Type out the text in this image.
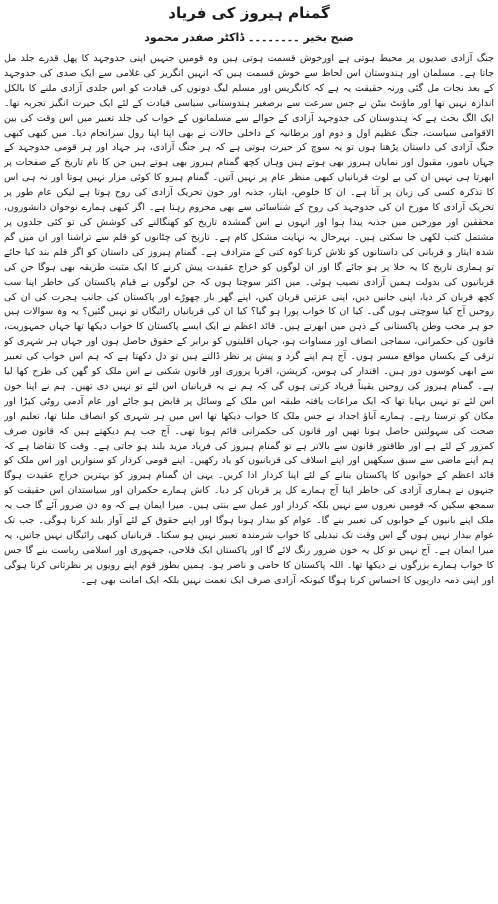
گمنام ہیروز کی فریاد
صبح بخیر ۔۔۔۔۔۔۔۔ ڈاکٹر صفدر محمود
جنگ آزادی صدیوں پر محیط ہوتی ہے اورخوش قسمت ہوتی ہیں وہ قومیں جنہیں اپنی جدوجہد کا پھل قدرے جلد مل جاتا ہے۔ مسلمان اور ہندوستان اس لحاظ سے خوش قسمت ہیں کہ انہیں انگریز کی غلامی سے ایک صدی کی جدوجہد کے بعد نجات مل گئی ورنہ حقیقت یہ ہے کہ کانگریس اور مسلم لیگ دونوں کی قیادت کو اس جلدی آزادی ملنے کا بالکل اندازہ نہیں تھا اور ماؤنٹ بیٹن نے جس سرعت سے برصغیر ہندوستانی سیاسی قیادت کے لئے ایک حیرت انگیز تجربہ تھا۔ ایک الگ بحث ہے کہ ہندوستان کی جدوجہد آزادی کے حوالے سے مسلمانوں کے خواب کی جلد تعبیر میں اس وقت کی بین الاقوامی سیاست، جنگ عظیم اول و دوم اور برطانیہ کے داخلی حالات نے بھی اپنا اپنا رول سرانجام دیا۔ میں کبھی کبھی جنگ آزادی کی داستان پڑھتا ہوں تو یہ سوچ کر حیرت ہوتی ہے کہ ہر جنگ آزادی، ہر جہاد اور ہر قومی جدوجہد کے جہاں نامور، مقبول اور نمایاں ہیروز بھی ہوتے ہیں وہاں کچھ گمنام ہیروز بھی ہوتے ہیں جن کا نام تاریخ کے صفحات پر ابھرتا ہی نہیں ان کی بے لوث قربانیاں کبھی منظر عام پر نہیں آتیں۔ گمنام ہیرو کا کوئی مزار نہیں ہوتا اور نہ ہی اس کا تذکرہ کسی کی زبان پر آتا ہے۔ ان کا خلوص، ایثار، جذبہ اور خون تحریک آزادی کی روح ہوتا ہے لیکن عام طور پر تحریک آزادی کا مورخ ان کی جدوجہد کی روح کے شناسائی سے بھی محروم رہتا ہے۔ اگر کبھی ہمارے نوجوان دانشوروں، محققین اور مورخین میں جذبہ پیدا ہوا اور انہوں نے اس گمشدہ تاریخ کو کھنگالنے کی کوشش کی تو کئی جلدوں پر مشتمل کتب لکھی جا سکتی ہیں۔ بہرحال یہ نہایت مشکل کام ہے۔ تاریخ کی چٹانوں کو قلم سے تراشنا اور ان میں گم شدہ ایثار و قربانی کی داستانوں کو تلاش کرنا کوہ کنی کے مترادف ہے۔ گمنام ہیروز کی داستان کو اگر قلم بند کیا جائے تو ہماری تاریخ کا یہ خلا پر ہو جائے گا اور ان لوگوں کو خراج عقیدت پیش کرنے کا ایک مثبت طریقہ بھی ہوگا جن کی قربانیوں کی بدولت ہمیں آزادی نصیب ہوئی۔ میں اکثر سوچتا ہوں کہ جن لوگوں نے قیام پاکستان کی خاطر اپنا سب کچھ قربان کر دیا، اپنی جانیں دیں، اپنی عزتیں قربان کیں، اپنے گھر بار چھوڑے اور پاکستان کی جانب ہجرت کی ان کی روحیں آج کیا سوچتی ہوں گی۔ کیا ان کا خواب پورا ہو گیا؟ کیا ان کی قربانیاں رائیگاں تو نہیں گئیں؟ یہ وہ سوالات ہیں جو ہر محب وطن پاکستانی کے ذہن میں ابھرتے ہیں۔ قائد اعظم نے ایک ایسے پاکستان کا خواب دیکھا تھا جہاں جمہوریت، قانون کی حکمرانی، سماجی انصاف اور مساوات ہو، جہاں اقلیتوں کو برابر کے حقوق حاصل ہوں اور جہاں ہر شہری کو ترقی کے یکساں مواقع میسر ہوں۔ آج ہم اپنے گرد و پیش پر نظر ڈالتے ہیں تو دل دکھتا ہے کہ ہم اس خواب کی تعبیر سے ابھی کوسوں دور ہیں۔ اقتدار کی ہوس، کرپشن، اقربا پروری اور قانون شکنی نے اس ملک کو گھن کی طرح کھا لیا ہے۔ گمنام ہیروز کی روحیں یقیناً فریاد کرتی ہوں گی کہ ہم نے یہ قربانیاں اس لئے تو نہیں دی تھیں۔ ہم نے اپنا خون اس لئے تو نہیں بہایا تھا کہ ایک مراعات یافتہ طبقہ اس ملک کے وسائل پر قابض ہو جائے اور عام آدمی روٹی کپڑا اور مکان کو ترستا رہے۔ ہمارے آباؤ اجداد نے جس ملک کا خواب دیکھا تھا اس میں ہر شہری کو انصاف ملنا تھا، تعلیم اور صحت کی سہولتیں حاصل ہونا تھیں اور قانون کی حکمرانی قائم ہونا تھی۔ آج جب ہم دیکھتے ہیں کہ قانون صرف کمزور کے لئے ہے اور طاقتور قانون سے بالاتر ہے تو گمنام ہیروز کی فریاد مزید بلند ہو جاتی ہے۔ وقت کا تقاضا ہے کہ ہم اپنے ماضی سے سبق سیکھیں اور اپنے اسلاف کی قربانیوں کو یاد رکھیں۔ اپنے قومی کردار کو سنواریں اور اس ملک کو قائد اعظم کے خوابوں کا پاکستان بنانے کے لئے اپنا کردار ادا کریں۔ یہی ان گمنام ہیروز کو بہترین خراج عقیدت ہوگا جنہوں نے ہماری آزادی کی خاطر اپنا آج ہمارے کل پر قربان کر دیا۔ کاش ہمارے حکمران اور سیاستدان اس حقیقت کو سمجھ سکیں کہ قومیں نعروں سے نہیں بلکہ کردار اور عمل سے بنتی ہیں۔ میرا ایمان ہے کہ وہ دن ضرور آئے گا جب یہ ملک اپنے بانیوں کے خوابوں کی تعبیر بنے گا۔ عوام کو بیدار ہونا ہوگا اور اپنے حقوق کے لئے آواز بلند کرنا ہوگی۔ جب تک عوام بیدار نہیں ہوں گے اس وقت تک تبدیلی کا خواب شرمندہ تعبیر نہیں ہو سکتا۔ قربانیاں کبھی رائیگاں نہیں جاتیں، یہ میرا ایمان ہے۔ آج نہیں تو کل یہ خون ضرور رنگ لائے گا اور پاکستان ایک فلاحی، جمہوری اور اسلامی ریاست بنے گا جس کا خواب ہمارے بزرگوں نے دیکھا تھا۔ اللہ پاکستان کا حامی و ناصر ہو۔ ہمیں بطور قوم اپنے رویوں پر نظرثانی کرنا ہوگی اور اپنی ذمہ داریوں کا احساس کرنا ہوگا کیونکہ آزادی صرف ایک نعمت نہیں بلکہ ایک امانت بھی ہے۔
